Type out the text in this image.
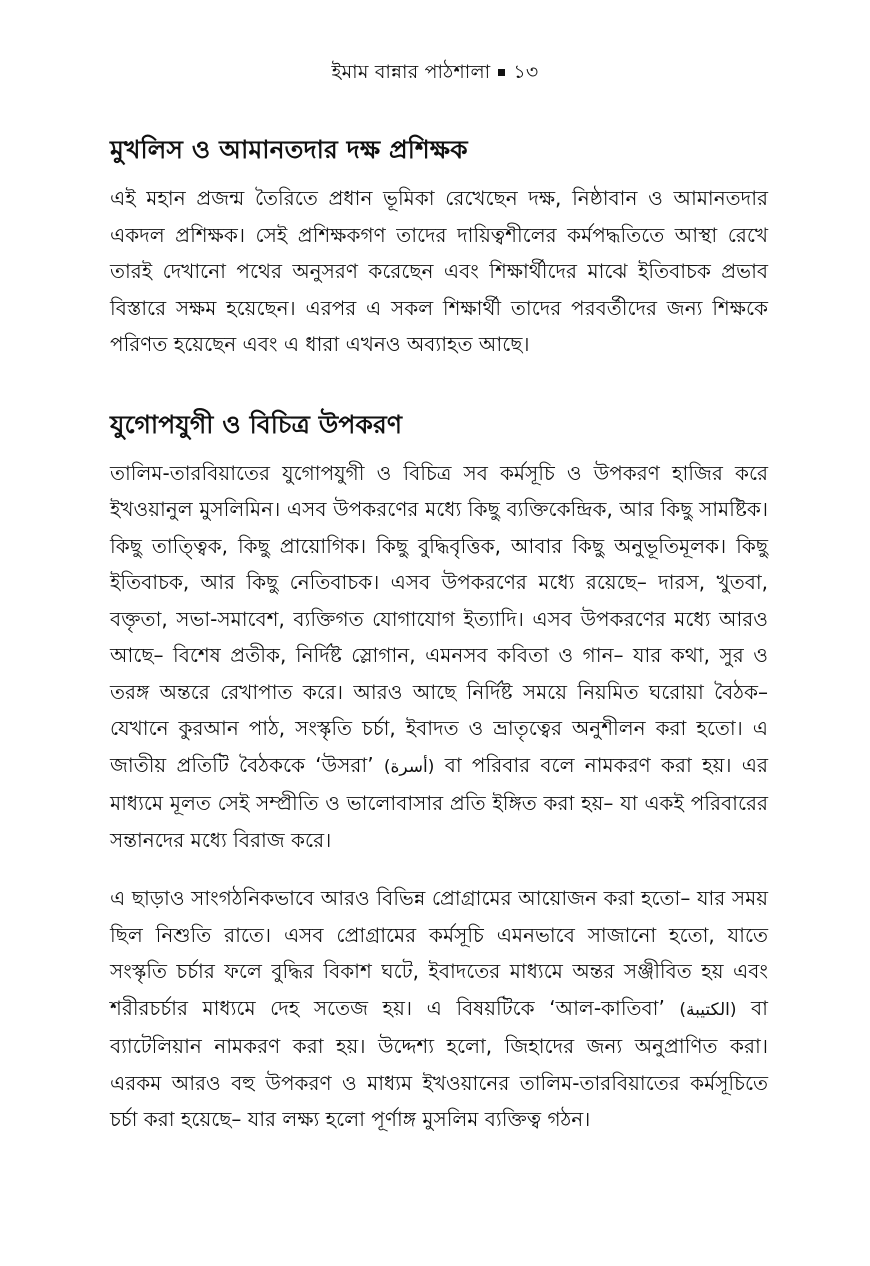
ইমাম বান্নার পাঠশালা ১৩
মুখলিস ও আমানতদার দক্ষ প্রশিক্ষক

এই মহান প্রজন্ম তৈরিতে প্রধান ভূমিকা রেখেছেন দক্ষ, নিষ্ঠাবান ও আমানতদার একদল প্রশিক্ষক। সেই প্রশিক্ষকগণ তাদের দায়িত্বশীলের কর্মপদ্ধতিতে আস্থা রেখে তারই দেখানো পথের অনুসরণ করেছেন এবং শিক্ষার্থীদের মাঝে ইতিবাচক প্রভাব বিস্তারে সক্ষম হয়েছেন। এরপর এ সকল শিক্ষার্থী তাদের পরবর্তীদের জন্য শিক্ষকে পরিণত হয়েছেন এবং এ ধারা এখনও অব্যাহত আছে।

যুগোপযুগী ও বিচিত্র উপকরণ

তালিম-তারবিয়াতের যুগোপযুগী ও বিচিত্র সব কর্মসূচি ও উপকরণ হাজির করে ইখওয়ানুল মুসলিমিন। এসব উপকরণের মধ্যে কিছু ব্যক্তিকেন্দ্রিক, আর কিছু সামষ্টিক। কিছু তাত্ত্বিক, কিছু প্রায়োগিক। কিছু বুদ্ধিবৃত্তিক, আবার কিছু অনুভূতিমূলক। কিছু ইতিবাচক, আর কিছু নেতিবাচক। এসব উপকরণের মধ্যে রয়েছে– দারস, খুতবা, বক্তৃতা, সভা-সমাবেশ, ব্যক্তিগত যোগাযোগ ইত্যাদি। এসব উপকরণের মধ্যে আরও আছে– বিশেষ প্রতীক, নির্দিষ্ট স্লোগান, এমনসব কবিতা ও গান– যার কথা, সুর ও তরঙ্গ অন্তরে রেখাপাত করে। আরও আছে নির্দিষ্ট সময়ে নিয়মিত ঘরোয়া বৈঠক– যেখানে কুরআন পাঠ, সংস্কৃতি চর্চা, ইবাদত ও ভ্রাতৃত্বের অনুশীলন করা হতো। এ জাতীয় প্রতিটি বৈঠককে ‘উসরা’ (أسرة) বা পরিবার বলে নামকরণ করা হয়। এর মাধ্যমে মূলত সেই সম্প্রীতি ও ভালোবাসার প্রতি ইঙ্গিত করা হয়– যা একই পরিবারের সন্তানদের মধ্যে বিরাজ করে।

এ ছাড়াও সাংগঠনিকভাবে আরও বিভিন্ন প্রোগ্রামের আয়োজন করা হতো– যার সময় ছিল নিশুতি রাতে। এসব প্রোগ্রামের কর্মসূচি এমনভাবে সাজানো হতো, যাতে সংস্কৃতি চর্চার ফলে বুদ্ধির বিকাশ ঘটে, ইবাদতের মাধ্যমে অন্তর সঞ্জীবিত হয় এবং শরীরচর্চার মাধ্যমে দেহ সতেজ হয়। এ বিষয়টিকে ‘আল-কাতিবা’ (الكتيبة) বা ব্যাটেলিয়ান নামকরণ করা হয়। উদ্দেশ্য হলো, জিহাদের জন্য অনুপ্রাণিত করা। এরকম আরও বহু উপকরণ ও মাধ্যম ইখওয়ানের তালিম-তারবিয়াতের কর্মসূচিতে চর্চা করা হয়েছে– যার লক্ষ্য হলো পূর্ণাঙ্গ মুসলিম ব্যক্তিত্ব গঠন।
